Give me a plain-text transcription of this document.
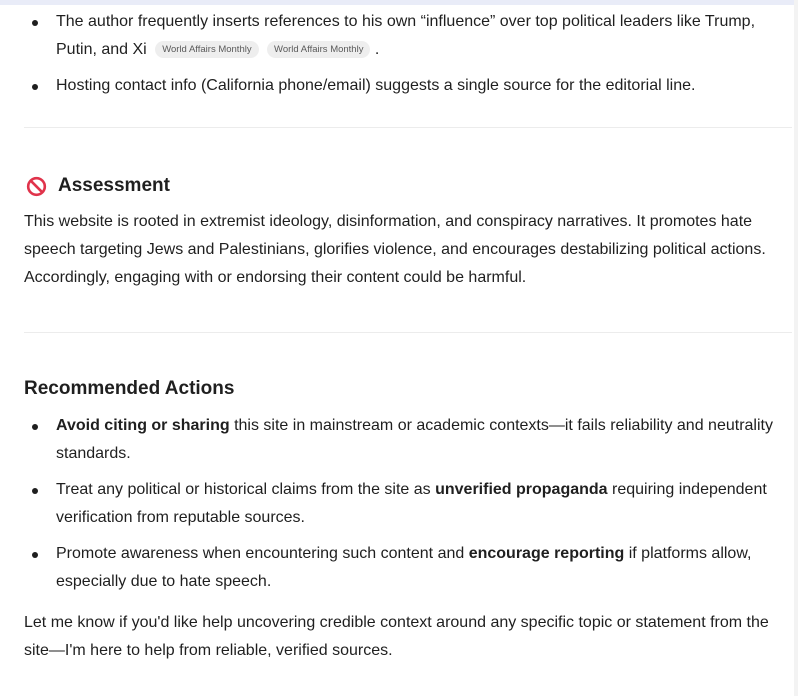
The author frequently inserts references to his own “influence” over top political leaders like Trump, Putin, and Xi World Affairs Monthly World Affairs Monthly .
Hosting contact info (California phone/email) suggests a single source for the editorial line.
Assessment

This website is rooted in extremist ideology, disinformation, and conspiracy narratives. It promotes hate speech targeting Jews and Palestinians, glorifies violence, and encourages destabilizing political actions. Accordingly, engaging with or endorsing their content could be harmful.

Recommended Actions
Avoid citing or sharing this site in mainstream or academic contexts—it fails reliability and neutrality standards.
Treat any political or historical claims from the site as unverified propaganda requiring independent verification from reputable sources.
Promote awareness when encountering such content and encourage reporting if platforms allow, especially due to hate speech.

Let me know if you'd like help uncovering credible context around any specific topic or statement from the site—I'm here to help from reliable, verified sources.
